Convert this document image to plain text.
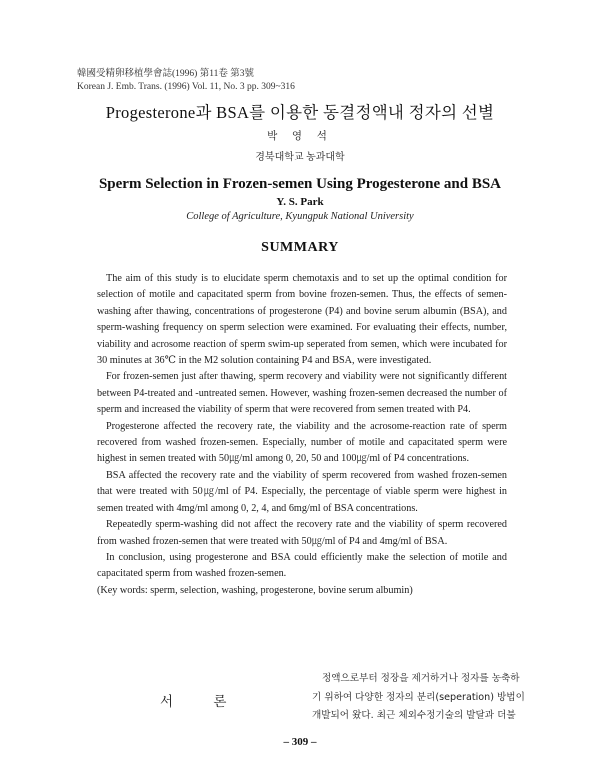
韓國受精卵移植學會誌(1996) 第11卷 第3號
Korean J. Emb. Trans. (1996) Vol. 11, No. 3 pp. 309~316
Progesterone과 BSA를 이용한 동결정액내 정자의 선별
박 영 석
경북대학교 농과대학
Sperm Selection in Frozen-semen Using Progesterone and BSA
Y. S. Park
College of Agriculture, Kyungpuk National University
SUMMARY

The aim of this study is to elucidate sperm chemotaxis and to set up the optimal condition for selection of motile and capacitated sperm from bovine frozen-semen. Thus, the effects of semen-washing after thawing, concentrations of progesterone (P4) and bovine serum albumin (BSA), and sperm-washing frequency on sperm selection were examined. For evaluating their effects, number, viability and acrosome reaction of sperm swim-up seperated from semen, which were incubated for 30 minutes at 36℃ in the M2 solution containing P4 and BSA, were investigated.

For frozen-semen just after thawing, sperm recovery and viability were not significantly different between P4-treated and -untreated semen. However, washing frozen-semen decreased the number of sperm and increased the viability of sperm that were recovered from semen treated with P4.

Progesterone affected the recovery rate, the viability and the acrosome-reaction rate of sperm recovered from washed frozen-semen. Especially, number of motile and capacitated sperm were highest in semen treated with 50㎍/ml among 0, 20, 50 and 100㎍/ml of P4 concentrations.

BSA affected the recovery rate and the viability of sperm recovered from washed frozen-semen that were treated with 50㎍/ml of P4. Especially, the percentage of viable sperm were highest in semen treated with 4mg/ml among 0, 2, 4, and 6mg/ml of BSA concentrations.

Repeatedly sperm-washing did not affect the recovery rate and the viability of sperm recovered from washed frozen-semen that were treated with 50㎍/ml of P4 and 4mg/ml of BSA.

In conclusion, using progesterone and BSA could efficiently make the selection of motile and capacitated sperm from washed frozen-semen.

(Key words: sperm, selection, washing, progesterone, bovine serum albumin)

서 론
정액으로부터 정장을 제거하거나 정자를 농축하
기 위하여 다양한 정자의 분리(seperation) 방법이
개발되어 왔다. 최근 체외수정기술의 발달과 더불
– 309 –
